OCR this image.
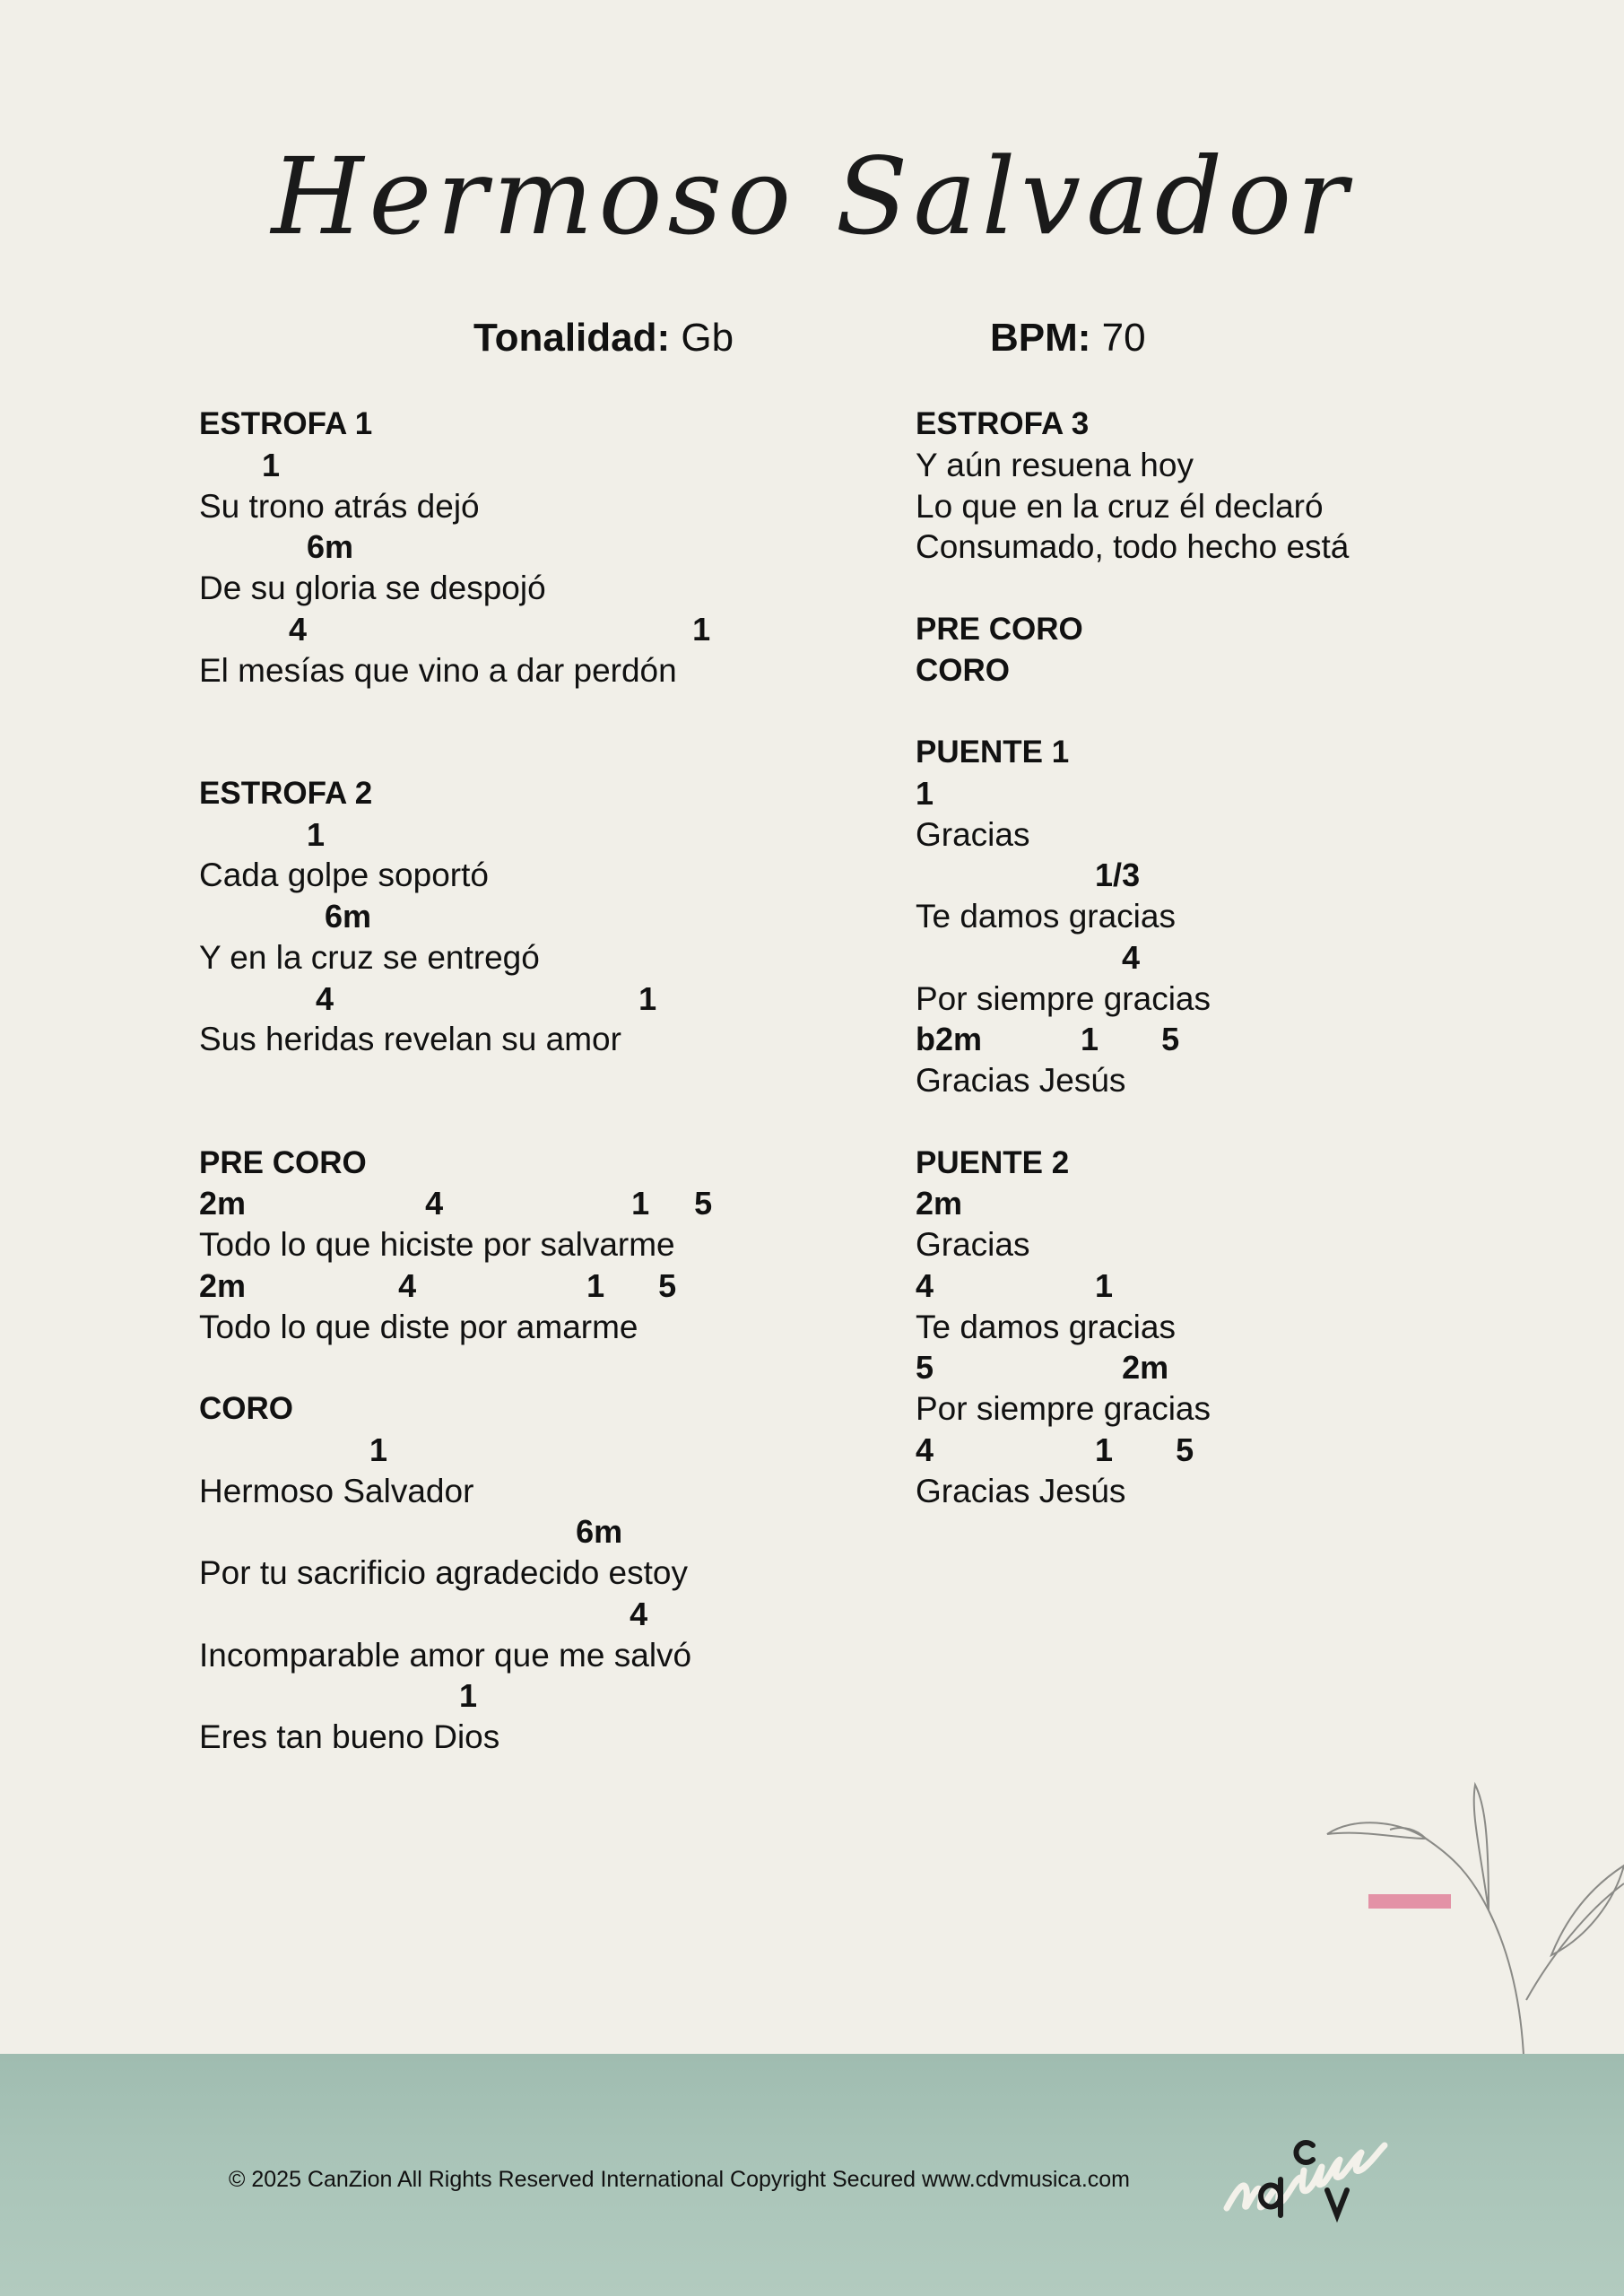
Hermoso Salvador
Tonalidad: Gb	BPM: 70
ESTROFA 1
1
Su trono atrás dejó
6m
De su gloria se despojó
4                                           1
El mesías que vino a dar perdón
ESTROFA 2
1
Cada golpe soportó
6m
Y en la cruz se entregó
4                                  1
Sus heridas revelan su amor
PRE CORO
2m                    4                     1     5
Todo lo que hiciste por salvarme
2m                 4                   1      5
Todo lo que diste por amarme
CORO
1
Hermoso Salvador
6m
Por tu sacrificio agradecido estoy
4
Incomparable amor que me salvó
1
Eres tan bueno Dios
ESTROFA 3
Y aún resuena hoy
Lo que en la cruz él declaró
Consumado, todo hecho está
PRE CORO
CORO
PUENTE 1
1
Gracias
1/3
Te damos gracias
4
Por siempre gracias
b2m           1       5
Gracias Jesús
PUENTE 2
2m
Gracias
4                  1
Te damos gracias
5                     2m
Por siempre gracias
4                  1       5
Gracias Jesús
© 2025 CanZion All Rights Reserved International Copyright Secured www.cdvmusica.com
